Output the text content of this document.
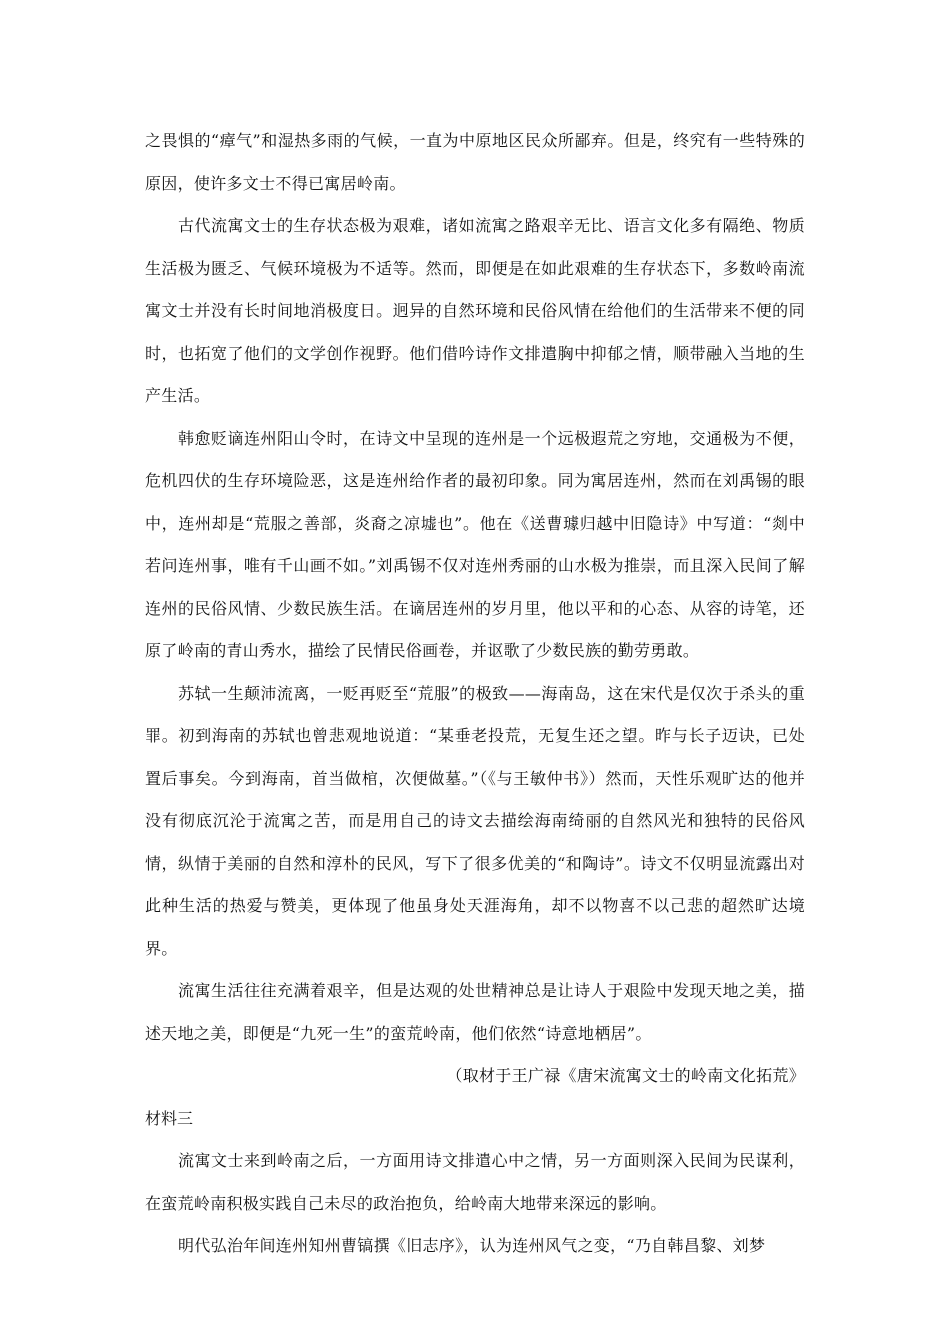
之畏惧的“瘴气”和湿热多雨的气候，一直为中原地区民众所鄙弃。但是，终究有一些特殊的原因，使许多文士不得已寓居岭南。

古代流寓文士的生存状态极为艰难，诸如流寓之路艰辛无比、语言文化多有隔绝、物质生活极为匮乏、气候环境极为不适等。然而，即便是在如此艰难的生存状态下，多数岭南流寓文士并没有长时间地消极度日。迥异的自然环境和民俗风情在给他们的生活带来不便的同时，也拓宽了他们的文学创作视野。他们借吟诗作文排遣胸中抑郁之情，顺带融入当地的生产生活。

韩愈贬谪连州阳山令时，在诗文中呈现的连州是一个远极遐荒之穷地，交通极为不便，危机四伏的生存环境险恶，这是连州给作者的最初印象。同为寓居连州，然而在刘禹锡的眼中，连州却是“荒服之善部，炎裔之凉墟也”。他在《送曹璩归越中旧隐诗》中写道：“剡中若问连州事，唯有千山画不如。”刘禹锡不仅对连州秀丽的山水极为推崇，而且深入民间了解连州的民俗风情、少数民族生活。在谪居连州的岁月里，他以平和的心态、从容的诗笔，还原了岭南的青山秀水，描绘了民情民俗画卷，并讴歌了少数民族的勤劳勇敢。

苏轼一生颠沛流离，一贬再贬至“荒服”的极致——海南岛，这在宋代是仅次于杀头的重罪。初到海南的苏轼也曾悲观地说道：“某垂老投荒，无复生还之望。昨与长子迈诀，已处置后事矣。今到海南，首当做棺，次便做墓。”（《与王敏仲书》）然而，天性乐观旷达的他并没有彻底沉沦于流寓之苦，而是用自己的诗文去描绘海南绮丽的自然风光和独特的民俗风情，纵情于美丽的自然和淳朴的民风，写下了很多优美的“和陶诗”。诗文不仅明显流露出对此种生活的热爱与赞美，更体现了他虽身处天涯海角，却不以物喜不以己悲的超然旷达境界。

流寓生活往往充满着艰辛，但是达观的处世精神总是让诗人于艰险中发现天地之美，描述天地之美，即便是“九死一生”的蛮荒岭南，他们依然“诗意地栖居”。

（取材于王广禄《唐宋流寓文士的岭南文化拓荒》

材料三

流寓文士来到岭南之后，一方面用诗文排遣心中之情，另一方面则深入民间为民谋利，在蛮荒岭南积极实践自己未尽的政治抱负，给岭南大地带来深远的影响。

明代弘治年间连州知州曹镐撰《旧志序》，认为连州风气之变，“乃自韩昌黎、刘梦
